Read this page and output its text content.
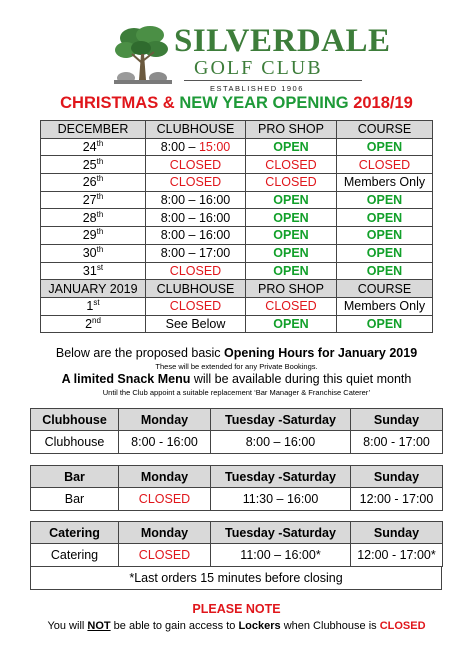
SILVERDALE
GOLF CLUB
ESTABLISHED 1906
CHRISTMAS & NEW YEAR OPENING 2018/19
DECEMBER	CLUBHOUSE	PRO SHOP	COURSE
24th	8:00 – 15:00	OPEN	OPEN
25th	CLOSED	CLOSED	CLOSED
26th	CLOSED	CLOSED	Members Only
27th	8:00 – 16:00	OPEN	OPEN
28th	8:00 – 16:00	OPEN	OPEN
29th	8:00 – 16:00	OPEN	OPEN
30th	8:00 – 17:00	OPEN	OPEN
31st	CLOSED	OPEN	OPEN
JANUARY 2019	CLUBHOUSE	PRO SHOP	COURSE
1st	CLOSED	CLOSED	Members Only
2nd	See Below	OPEN	OPEN
Below are the proposed basic Opening Hours for January 2019
These will be extended for any Private Bookings.
A limited Snack Menu will be available during this quiet month
Until the Club appoint a suitable replacement ‘Bar Manager & Franchise Caterer’
Clubhouse	Monday	Tuesday -Saturday	Sunday
Clubhouse	8:00 - 16:00	8:00 – 16:00	8:00 - 17:00
Bar	Monday	Tuesday -Saturday	Sunday
Bar	CLOSED	11:30 – 16:00	12:00 - 17:00
Catering	Monday	Tuesday -Saturday	Sunday
Catering	CLOSED	11:00 – 16:00*	12:00 - 17:00*
*Last orders 15 minutes before closing
PLEASE NOTE
You will NOT be able to gain access to Lockers when Clubhouse is CLOSED
